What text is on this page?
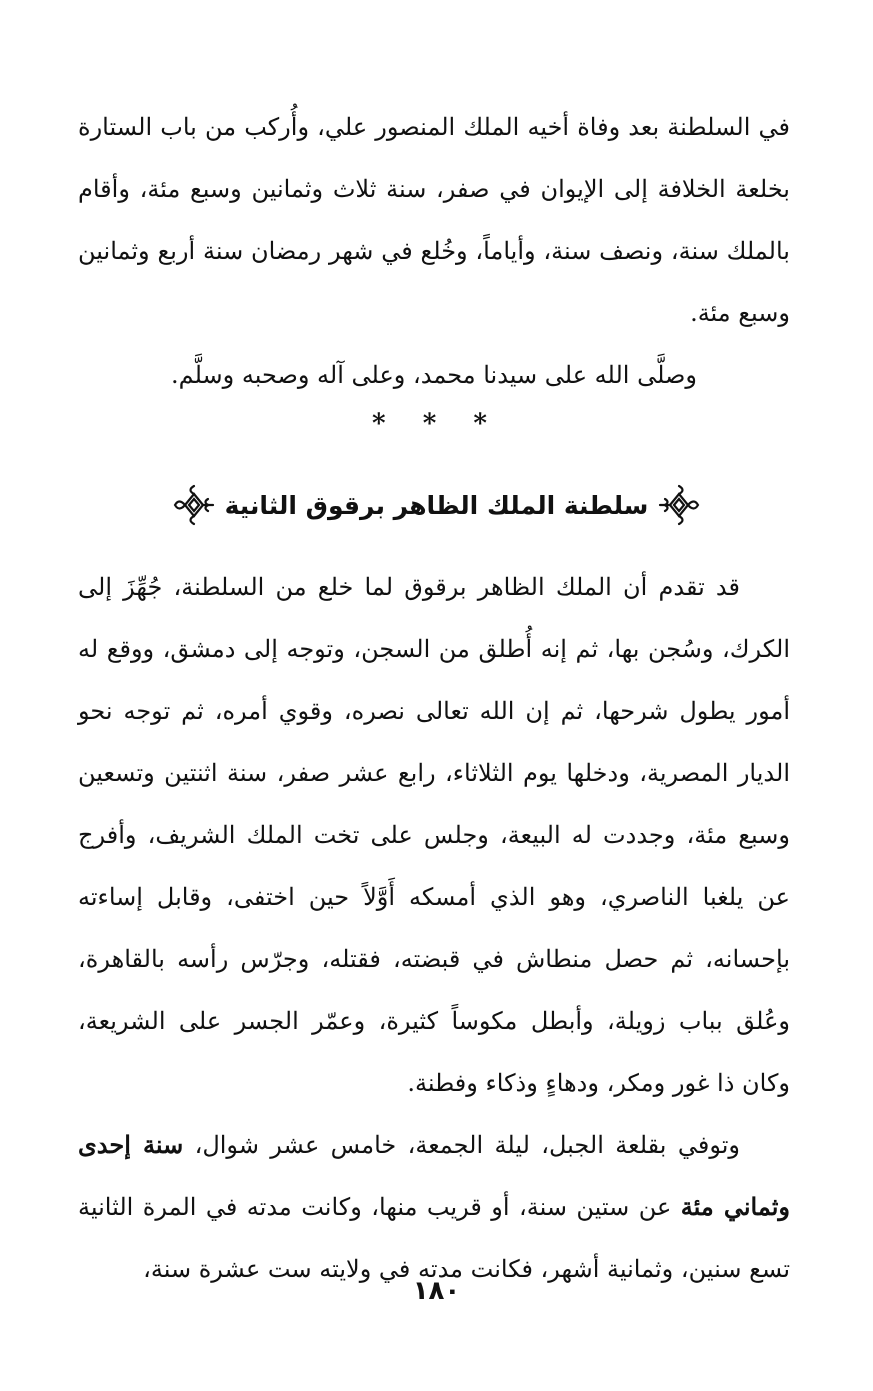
في السلطنة بعد وفاة أخيه الملك المنصور علي، وأُركب من باب الستارة بخلعة الخلافة إلى الإيوان في صفر، سنة ثلاث وثمانين وسبع مئة، وأقام بالملك سنة، ونصف سنة، وأياماً، وخُلع في شهر رمضان سنة أربع وثمانين وسبع مئة.

وصلَّى الله على سيدنا محمد، وعلى آله وصحبه وسلَّم.

* * *
سلطنة الملك الظاهر برقوق الثانية

قد تقدم أن الملك الظاهر برقوق لما خلع من السلطنة، جُهِّزَ إلى الكرك، وسُجن بها، ثم إنه أُطلق من السجن، وتوجه إلى دمشق، ووقع له أمور يطول شرحها، ثم إن الله تعالى نصره، وقوي أمره، ثم توجه نحو الديار المصرية، ودخلها يوم الثلاثاء، رابع عشر صفر، سنة اثنتين وتسعين وسبع مئة، وجددت له البيعة، وجلس على تخت الملك الشريف، وأفرج عن يلغبا الناصري، وهو الذي أمسكه أَوَّلاً حين اختفى، وقابل إساءته بإحسانه، ثم حصل منطاش في قبضته، فقتله، وجرّس رأسه بالقاهرة، وعُلق بباب زويلة، وأبطل مكوساً كثيرة، وعمّر الجسر على الشريعة، وكان ذا غور ومكر، ودهاءٍ وذكاء وفطنة.

وتوفي بقلعة الجبل، ليلة الجمعة، خامس عشر شوال، سنة إحدى وثماني مئة عن ستين سنة، أو قريب منها، وكانت مدته في المرة الثانية تسع سنين، وثمانية أشهر، فكانت مدته في ولايته ست عشرة سنة،

١٨٠
